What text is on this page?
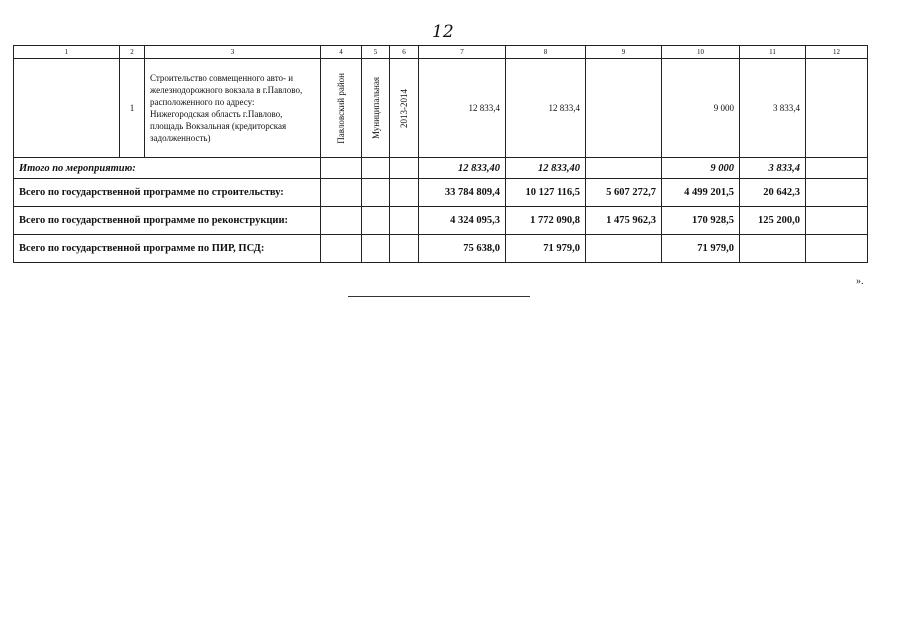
12
1	2	3	4	5	6	7	8	9	10	11	12
	1	Строительство совмещенного авто- и железнодорожного вокзала в г.Павлово, расположенного по адресу: Нижегородская область г.Павлово, площадь Вокзальная (кредиторская задолженность)	Павловский район	Муниципальная	2013-2014	12 833,4	12 833,4		9 000	3 833,4	
Итого по мероприятию:						12 833,40	12 833,40		9 000	3 833,4	
Всего по государственной программе по строительству:						33 784 809,4	10 127 116,5	5 607 272,7	4 499 201,5	20 642,3	
Всего по государственной программе по реконструкции:						4 324 095,3	1 772 090,8	1 475 962,3	170 928,5	125 200,0	
Всего по государственной программе по ПИР, ПСД:						75 638,0	71 979,0		71 979,0		
».
